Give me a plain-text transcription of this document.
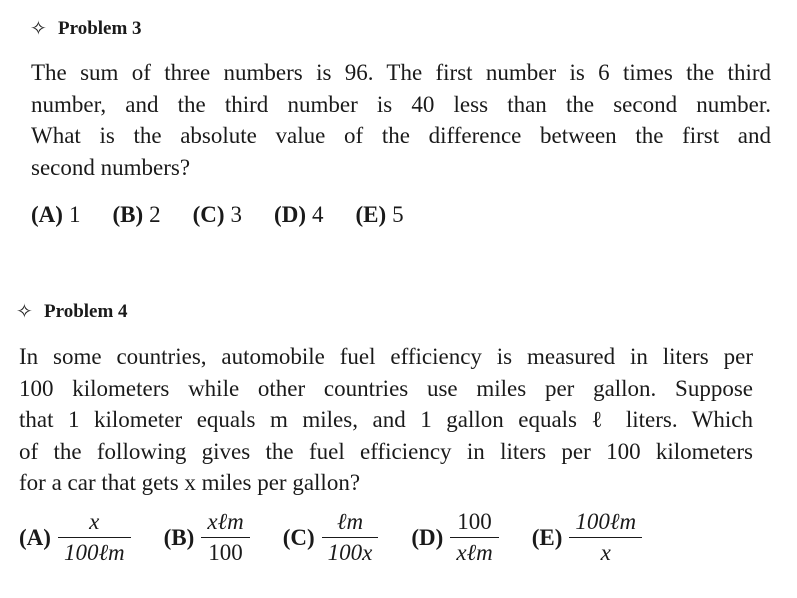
✧ Problem 3
The sum of three numbers is 96. The first number is 6 times the third
number, and the third number is 40 less than the second number.
What is the absolute value of the difference between the first and
second numbers?
(A) 1 (B) 2 (C) 3 (D) 4 (E) 5
✧ Problem 4
In some countries, automobile fuel efficiency is measured in liters per
100 kilometers while other countries use miles per gallon. Suppose
that 1 kilometer equals m miles, and 1 gallon equals ℓ liters. Which
of the following gives the fuel efficiency in liters per 100 kilometers
for a car that gets x miles per gallon?
$(A) \frac{x}{\text{100ℓm}} (B) \frac{\text{xℓm}}{100} (C) \frac{\text{ℓm}}{100x} (D) \frac{100}{\text{xℓm}} (E) \frac{\text{100ℓm}}{x}$
